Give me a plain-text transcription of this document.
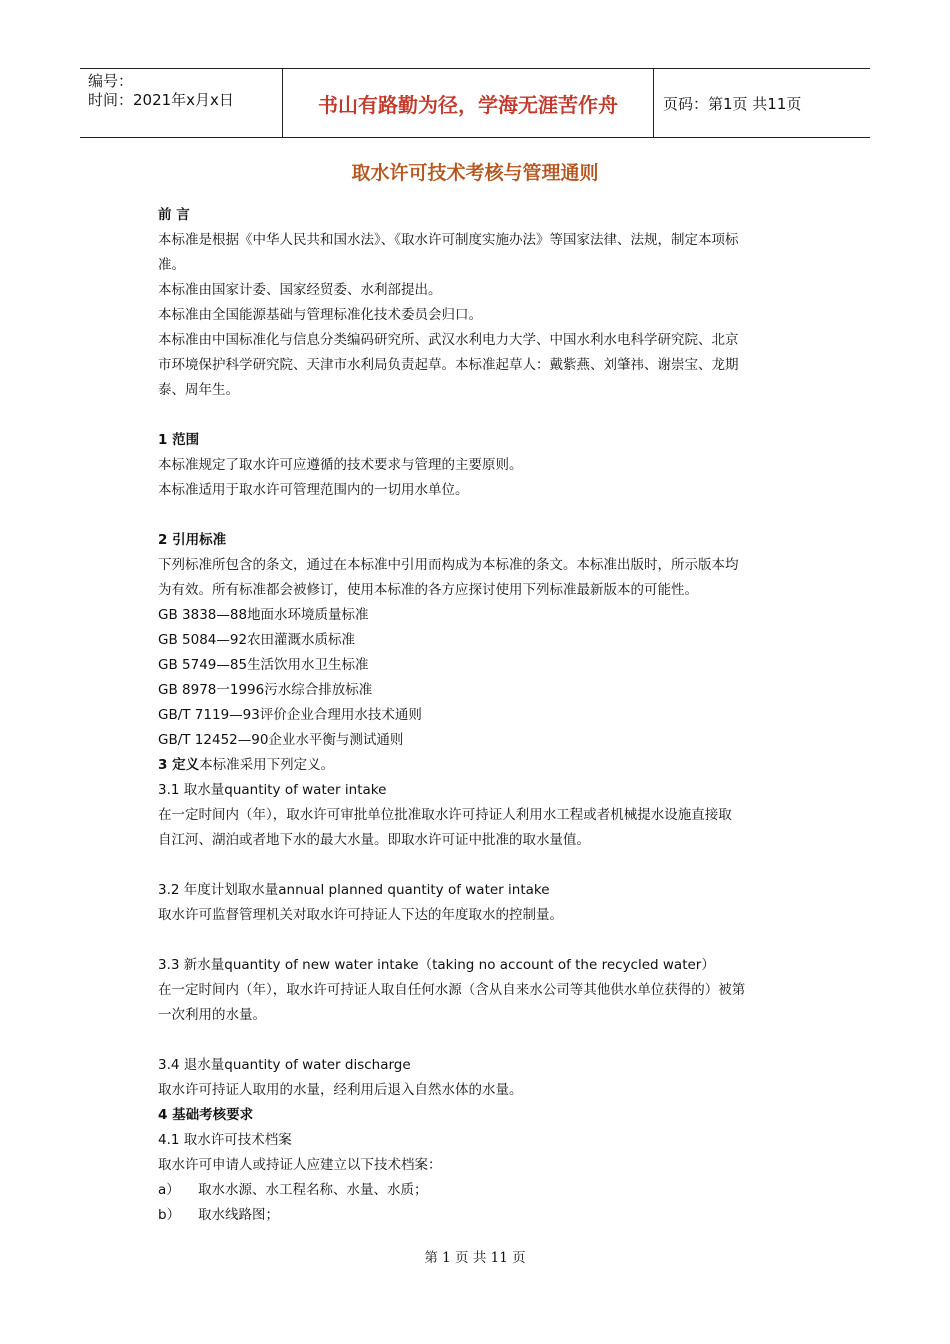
编号：
时间：2021年x月x日	书山有路勤为径，学海无涯苦作舟	页码：第1页 共11页
取水许可技术考核与管理通则

前 言

本标准是根据《中华人民共和国水法》、《取水许可制度实施办法》等国家法律、法规，制定本项标

准。

本标准由国家计委、国家经贸委、水利部提出。

本标准由全国能源基础与管理标准化技术委员会归口。

本标准由中国标准化与信息分类编码研究所、武汉水利电力大学、中国水利水电科学研究院、北京

市环境保护科学研究院、天津市水利局负责起草。本标准起草人：戴紫燕、刘肇祎、谢崇宝、龙期

泰、周年生。

1 范围

本标准规定了取水许可应遵循的技术要求与管理的主要原则。

本标准适用于取水许可管理范围内的一切用水单位。

2 引用标准

下列标准所包含的条文，通过在本标准中引用而构成为本标准的条文。本标准出版时，所示版本均

为有效。所有标准都会被修订，使用本标准的各方应探讨使用下列标准最新版本的可能性。

GB 3838—88地面水环境质量标准

GB 5084—92农田灌溉水质标准

GB 5749—85生活饮用水卫生标准

GB 8978一1996污水综合排放标准

GB/T 7119—93评价企业合理用水技术通则

GB/T 12452—90企业水平衡与测试通则

3 定义本标准采用下列定义。

3.1 取水量quantity of water intake

在一定时间内（年），取水许可审批单位批准取水许可持证人利用水工程或者机械提水设施直接取

自江河、湖泊或者地下水的最大水量。即取水许可证中批准的取水量值。

3.2 年度计划取水量annual planned quantity of water intake

取水许可监督管理机关对取水许可持证人下达的年度取水的控制量。

3.3 新水量quantity of new water intake（taking no account of the recycled water）

在一定时间内（年），取水许可持证人取自任何水源（含从自来水公司等其他供水单位获得的）被第

一次利用的水量。

3.4 退水量quantity of water discharge

取水许可持证人取用的水量，经利用后退入自然水体的水量。

4 基础考核要求

4.1 取水许可技术档案

取水许可申请人或持证人应建立以下技术档案：

a）	取水水源、水工程名称、水量、水质；
b）	取水线路图；
第 1 页 共 11 页
